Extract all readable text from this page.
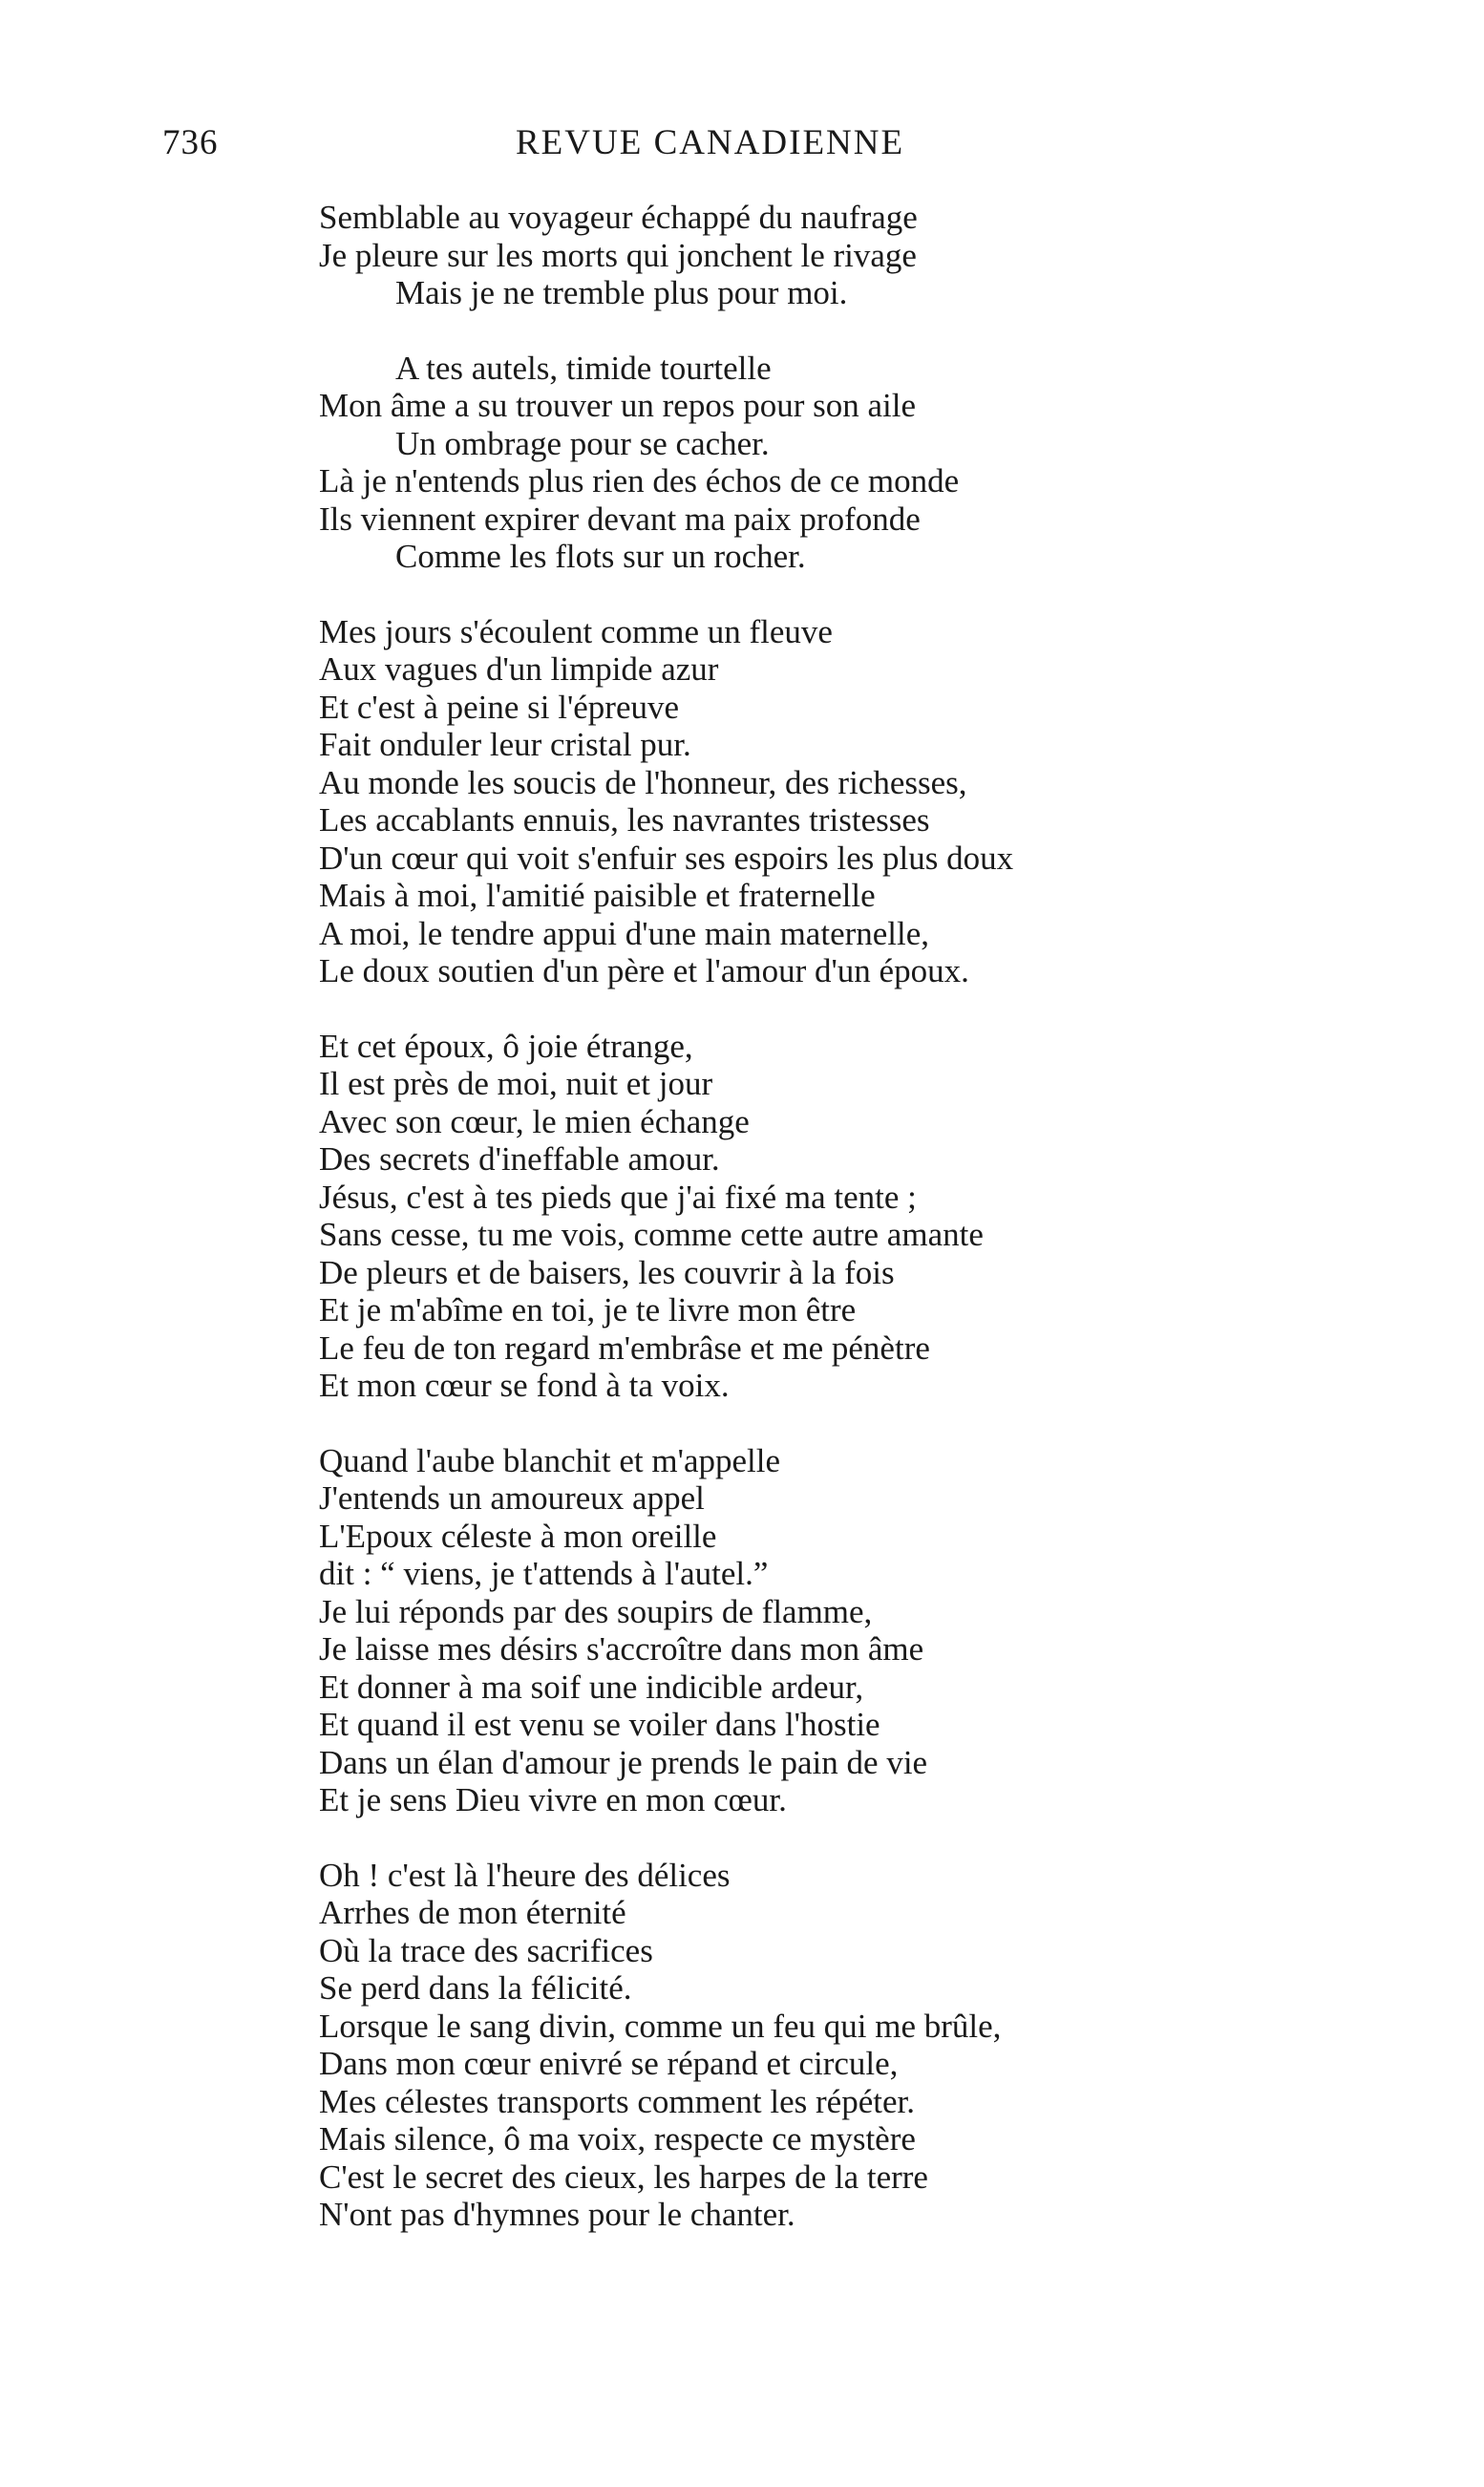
736	REVUE CANADIENNE
Semblable au voyageur échappé du naufrage
Je pleure sur les morts qui jonchent le rivage
Mais je ne tremble plus pour moi.
A tes autels, timide tourtelle
Mon âme a su trouver un repos pour son aile
Un ombrage pour se cacher.
Là je n'entends plus rien des échos de ce monde
Ils viennent expirer devant ma paix profonde
Comme les flots sur un rocher.
Mes jours s'écoulent comme un fleuve
Aux vagues d'un limpide azur
Et c'est à peine si l'épreuve
Fait onduler leur cristal pur.
Au monde les soucis de l'honneur, des richesses,
Les accablants ennuis, les navrantes tristesses
D'un cœur qui voit s'enfuir ses espoirs les plus doux
Mais à moi, l'amitié paisible et fraternelle
A moi, le tendre appui d'une main maternelle,
Le doux soutien d'un père et l'amour d'un époux.
Et cet époux, ô joie étrange,
Il est près de moi, nuit et jour
Avec son cœur, le mien échange
Des secrets d'ineffable amour.
Jésus, c'est à tes pieds que j'ai fixé ma tente ;
Sans cesse, tu me vois, comme cette autre amante
De pleurs et de baisers, les couvrir à la fois
Et je m'abîme en toi, je te livre mon être
Le feu de ton regard m'embrâse et me pénètre
Et mon cœur se fond à ta voix.
Quand l'aube blanchit et m'appelle
J'entends un amoureux appel
L'Epoux céleste à mon oreille
dit : “ viens, je t'attends à l'autel.”
Je lui réponds par des soupirs de flamme,
Je laisse mes désirs s'accroître dans mon âme
Et donner à ma soif une indicible ardeur,
Et quand il est venu se voiler dans l'hostie
Dans un élan d'amour je prends le pain de vie
Et je sens Dieu vivre en mon cœur.
Oh ! c'est là l'heure des délices
Arrhes de mon éternité
Où la trace des sacrifices
Se perd dans la félicité.
Lorsque le sang divin, comme un feu qui me brûle,
Dans mon cœur enivré se répand et circule,
Mes célestes transports comment les répéter.
Mais silence, ô ma voix, respecte ce mystère
C'est le secret des cieux, les harpes de la terre
N'ont pas d'hymnes pour le chanter.
